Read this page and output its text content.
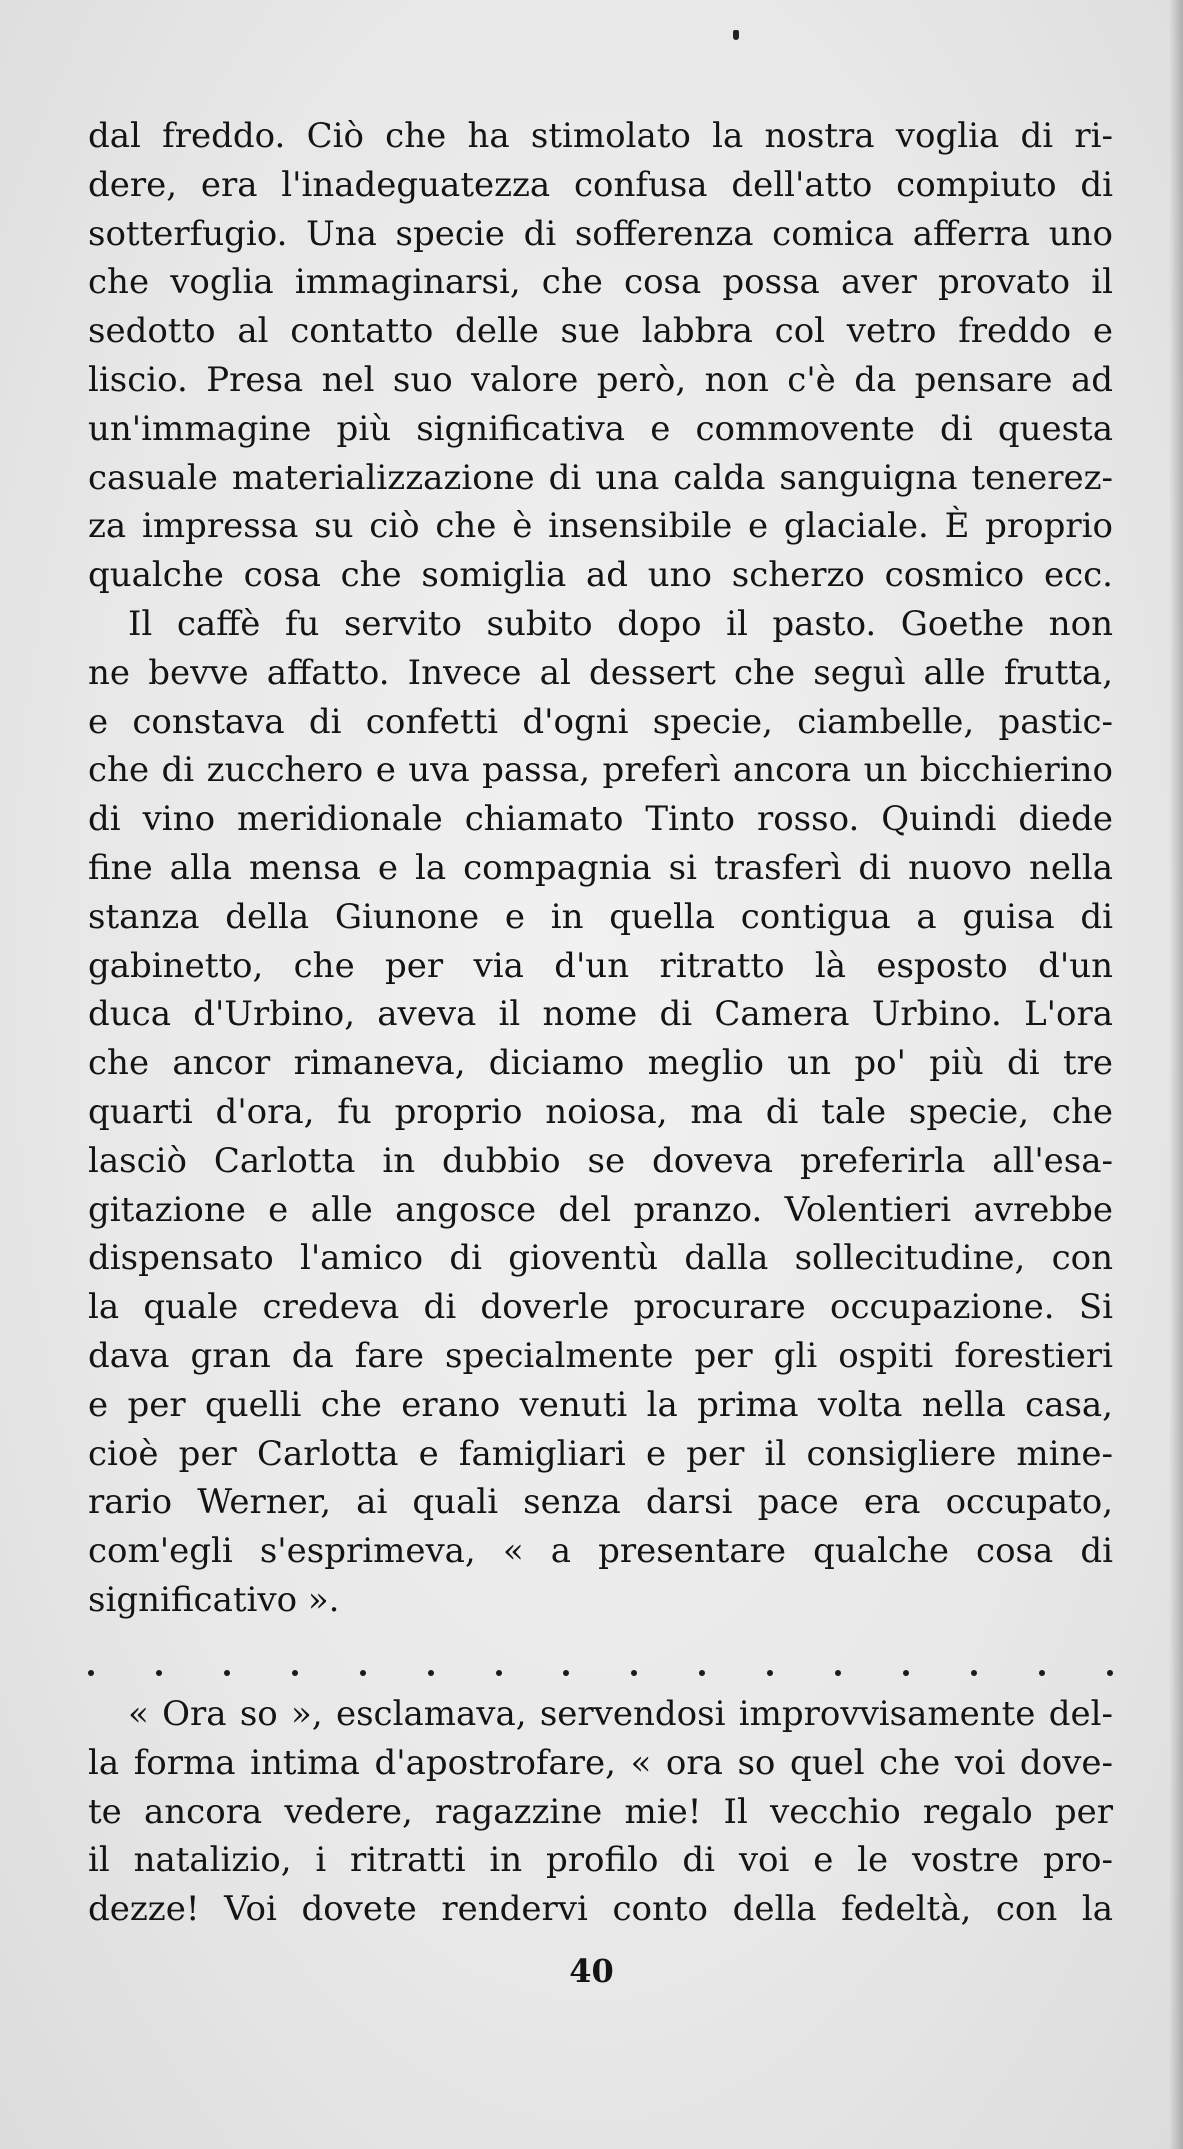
dal freddo. Ciò che ha stimolato la nostra voglia di ri-
dere, era l'inadeguatezza confusa dell'atto compiuto di
sotterfugio. Una specie di sofferenza comica afferra uno
che voglia immaginarsi, che cosa possa aver provato il
sedotto al contatto delle sue labbra col vetro freddo e
liscio. Presa nel suo valore però, non c'è da pensare ad
un'immagine più significativa e commovente di questa
casuale materializzazione di una calda sanguigna tenerez-
za impressa su ciò che è insensibile e glaciale. È proprio
qualche cosa che somiglia ad uno scherzo cosmico ecc.
Il caffè fu servito subito dopo il pasto. Goethe non
ne bevve affatto. Invece al dessert che seguì alle frutta,
e constava di confetti d'ogni specie, ciambelle, pastic-
che di zucchero e uva passa, preferì ancora un bicchierino
di vino meridionale chiamato Tinto rosso. Quindi diede
fine alla mensa e la compagnia si trasferì di nuovo nella
stanza della Giunone e in quella contigua a guisa di
gabinetto, che per via d'un ritratto là esposto d'un
duca d'Urbino, aveva il nome di Camera Urbino. L'ora
che ancor rimaneva, diciamo meglio un po' più di tre
quarti d'ora, fu proprio noiosa, ma di tale specie, che
lasciò Carlotta in dubbio se doveva preferirla all'esa-
gitazione e alle angosce del pranzo. Volentieri avrebbe
dispensato l'amico di gioventù dalla sollecitudine, con
la quale credeva di doverle procurare occupazione. Si
dava gran da fare specialmente per gli ospiti forestieri
e per quelli che erano venuti la prima volta nella casa,
cioè per Carlotta e famigliari e per il consigliere mine-
rario Werner, ai quali senza darsi pace era occupato,
com'egli s'esprimeva, « a presentare qualche cosa di
significativo ».
« Ora so », esclamava, servendosi improvvisamente del-
la forma intima d'apostrofare, « ora so quel che voi dove-
te ancora vedere, ragazzine mie! Il vecchio regalo per
il natalizio, i ritratti in profilo di voi e le vostre pro-
dezze! Voi dovete rendervi conto della fedeltà, con la
40
